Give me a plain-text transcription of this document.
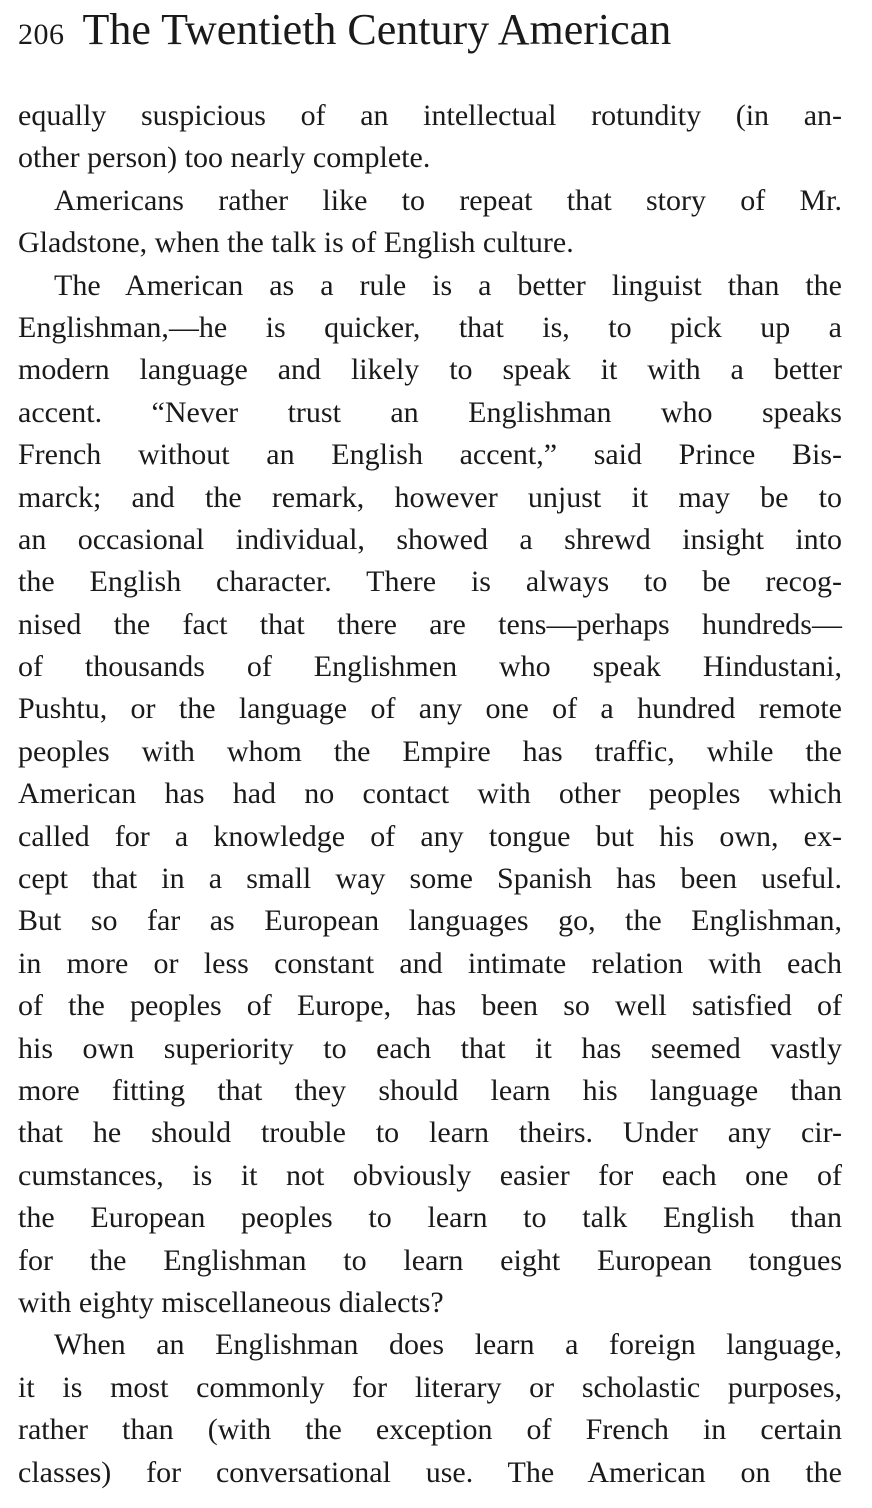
206 The Twentieth Century American
equally suspicious of an intellectual rotundity (in an-
other person) too nearly complete.
Americans rather like to repeat that story of Mr.
Gladstone, when the talk is of English culture.
The American as a rule is a better linguist than the
Englishman,—he is quicker, that is, to pick up a
modern language and likely to speak it with a better
accent. “Never trust an Englishman who speaks
French without an English accent,” said Prince Bis-
marck; and the remark, however unjust it may be to
an occasional individual, showed a shrewd insight into
the English character. There is always to be recog-
nised the fact that there are tens—perhaps hundreds—
of thousands of Englishmen who speak Hindustani,
Pushtu, or the language of any one of a hundred remote
peoples with whom the Empire has traffic, while the
American has had no contact with other peoples which
called for a knowledge of any tongue but his own, ex-
cept that in a small way some Spanish has been useful.
But so far as European languages go, the Englishman,
in more or less constant and intimate relation with each
of the peoples of Europe, has been so well satisfied of
his own superiority to each that it has seemed vastly
more fitting that they should learn his language than
that he should trouble to learn theirs. Under any cir-
cumstances, is it not obviously easier for each one of
the European peoples to learn to talk English than
for the Englishman to learn eight European tongues
with eighty miscellaneous dialects?
When an Englishman does learn a foreign language,
it is most commonly for literary or scholastic purposes,
rather than (with the exception of French in certain
classes) for conversational use. The American on the
